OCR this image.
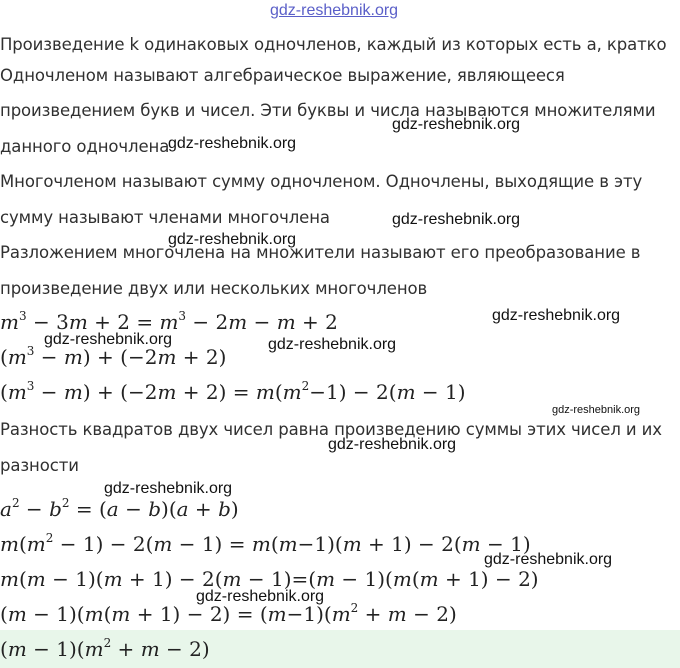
gdz-reshebnik.org
Произведение k одинаковых одночленов, каждый из которых есть a, кратко
Одночленом называют алгебраическое выражение, являющееся
произведением букв и чисел. Эти буквы и числа называются множителями
данного одночлена
Многочленом называют сумму одночленом. Одночлены, выходящие в эту
сумму называют членами многочлена
Разложением многочлена на множители называют его преобразование в
произведение двух или нескольких многочленов
$m^3 - 3m + 2 = m^3 - 2m - m + 2$
$(m^3 - m) + (-2m + 2)$
$(m^3 - m) + (-2m + 2) = m(m^2-1) - 2(m - 1)$
Разность квадратов двух чисел равна произведению суммы этих чисел и их
разности
$a^2 - b^2 = (a - b)(a + b)$
$m(m^2 - 1) - 2(m - 1) = m(m-1)(m + 1) - 2(m - 1)$
m(m − 1)(m + 1) − 2(m − 1)=(m − 1)(m(m + 1) − 2)
$(m - 1)(m(m + 1) - 2) = (m-1)(m^2 + m - 2)$
$(m - 1)(m^2 + m - 2)$
gdz-reshebnik.org
gdz-reshebnik.org
gdz-reshebnik.org
gdz-reshebnik.org
gdz-reshebnik.org
gdz-reshebnik.org	gdz-reshebnik.org
gdz-reshebnik.org
gdz-reshebnik.org
gdz-reshebnik.org
gdz-reshebnik.org
gdz-reshebnik.org
